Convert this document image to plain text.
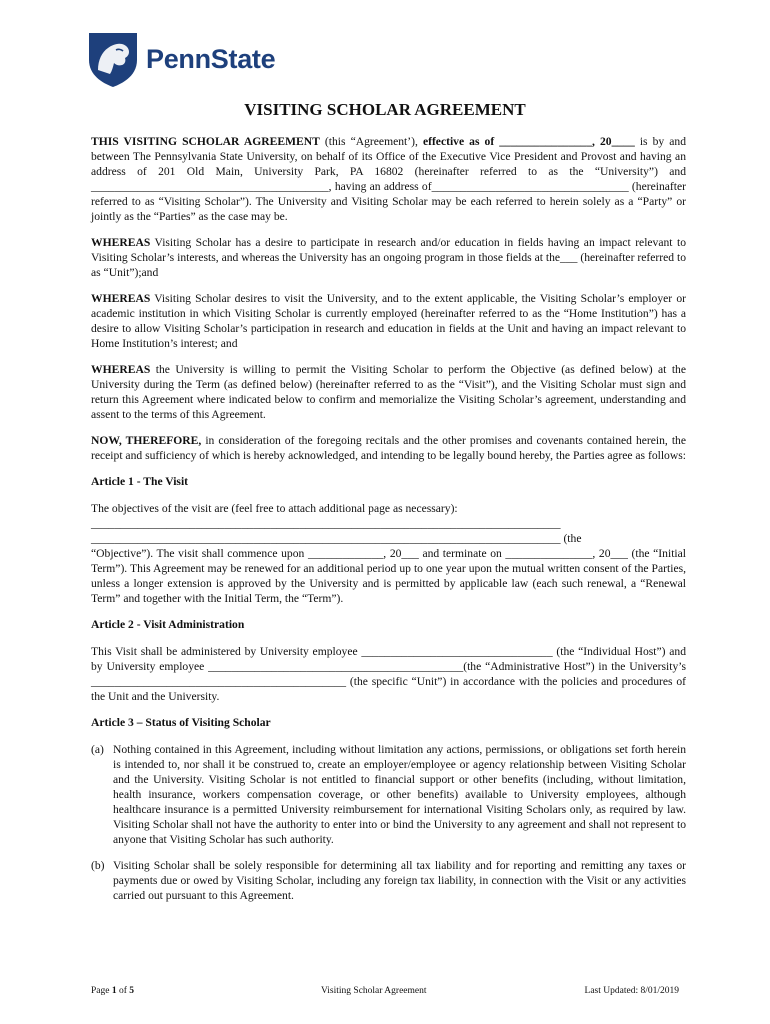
PennState
VISITING SCHOLAR AGREEMENT

THIS VISITING SCHOLAR AGREEMENT (this “Agreement’), effective as of ________________, 20____ is by and between The Pennsylvania State University, on behalf of its Office of the Executive Vice President and Provost and having an address of 201 Old Main, University Park, PA 16802 (hereinafter referred to as the “University”) and _________________________________________, having an address of__________________________________ (hereinafter referred to as “Visiting Scholar”). The University and Visiting Scholar may be each referred to herein solely as a “Party” or jointly as the “Parties” as the case may be.

WHEREAS Visiting Scholar has a desire to participate in research and/or education in fields having an impact relevant to Visiting Scholar’s interests, and whereas the University has an ongoing program in those fields at the___ (hereinafter referred to as “Unit”);and

WHEREAS Visiting Scholar desires to visit the University, and to the extent applicable, the Visiting Scholar’s employer or academic institution in which Visiting Scholar is currently employed (hereinafter referred to as the “Home Institution”) has a desire to allow Visiting Scholar’s participation in research and education in fields at the Unit and having an impact relevant to Home Institution’s interest; and

WHEREAS the University is willing to permit the Visiting Scholar to perform the Objective (as defined below) at the University during the Term (as defined below) (hereinafter referred to as the “Visit”), and the Visiting Scholar must sign and return this Agreement where indicated below to confirm and memorialize the Visiting Scholar’s agreement, understanding and assent to the terms of this Agreement.

NOW, THEREFORE, in consideration of the foregoing recitals and the other promises and covenants contained herein, the receipt and sufficiency of which is hereby acknowledged, and intending to be legally bound hereby, the Parties agree as follows:

Article 1 - The Visit

The objectives of the visit are (feel free to attach additional page as necessary):
_________________________________________________________________________________
_________________________________________________________________________________ (the

“Objective”). The visit shall commence upon _____________, 20___ and terminate on _______________, 20___ (the “Initial Term”). This Agreement may be renewed for an additional period up to one year upon the mutual written consent of the Parties, unless a longer extension is approved by the University and is permitted by applicable law (each such renewal, a “Renewal Term” and together with the Initial Term, the “Term”).

Article 2 - Visit Administration

This Visit shall be administered by University employee _________________________________ (the “Individual Host”) and by University employee ____________________________________________(the “Administrative Host”) in the University’s ____________________________________________ (the specific “Unit”) in accordance with the policies and procedures of the Unit and the University.

Article 3 – Status of Visiting Scholar
(a) Nothing contained in this Agreement, including without limitation any actions, permissions, or obligations set forth herein is intended to, nor shall it be construed to, create an employer/employee or agency relationship between Visiting Scholar and the University. Visiting Scholar is not entitled to financial support or other benefits (including, without limitation, health insurance, workers compensation coverage, or other benefits) available to University employees, although healthcare insurance is a permitted University reimbursement for international Visiting Scholars only, as required by law. Visiting Scholar shall not have the authority to enter into or bind the University to any agreement and shall not represent to anyone that Visiting Scholar has such authority.
(b) Visiting Scholar shall be solely responsible for determining all tax liability and for reporting and remitting any taxes or payments due or owed by Visiting Scholar, including any foreign tax liability, in connection with the Visit or any activities carried out pursuant to this Agreement.
Page 1 of 5	Visiting Scholar Agreement	Last Updated: 8/01/2019
